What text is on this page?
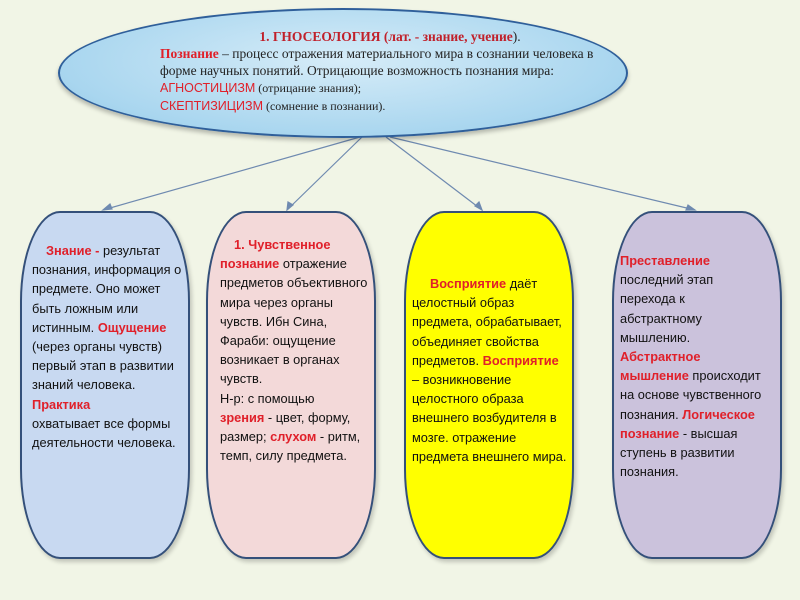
1. ГНОСЕОЛОГИЯ (лат. - знание, учение).
Познание – процесс отражения материального мира в сознании человека в форме научных понятий. Отрицающие возможность познания мира: АГНОСТИЦИЗМ (отрицание знания);
СКЕПТИЗИЦИЗМ (сомнение в познании).
Знание - результат познания, информация о предмете. Оно может быть ложным или истинным. Ощущение (через органы чувств) первый этап в развитии знаний человека.
Практика
охватывает все формы деятельности человека.
1. Чувственное познание отражение предметов объективного мира через органы чувств. Ибн Сина, Фараби: ощущение возникает в органах чувств.
Н-р: с помощью
зрения - цвет, форму, размер; слухом - ритм, темп, силу предмета.
Восприятие даёт целостный образ предмета, обрабатывает, объединяет свойства предметов. Восприятие – возникновение целостного образа внешнего возбудителя в мозге. отражение предмета внешнего мира.
Преставление последний этап перехода к абстрактному мышлению. Абстрактное мышление происходит на основе чувственного познания. Логическое познание - высшая ступень в развитии познания.
